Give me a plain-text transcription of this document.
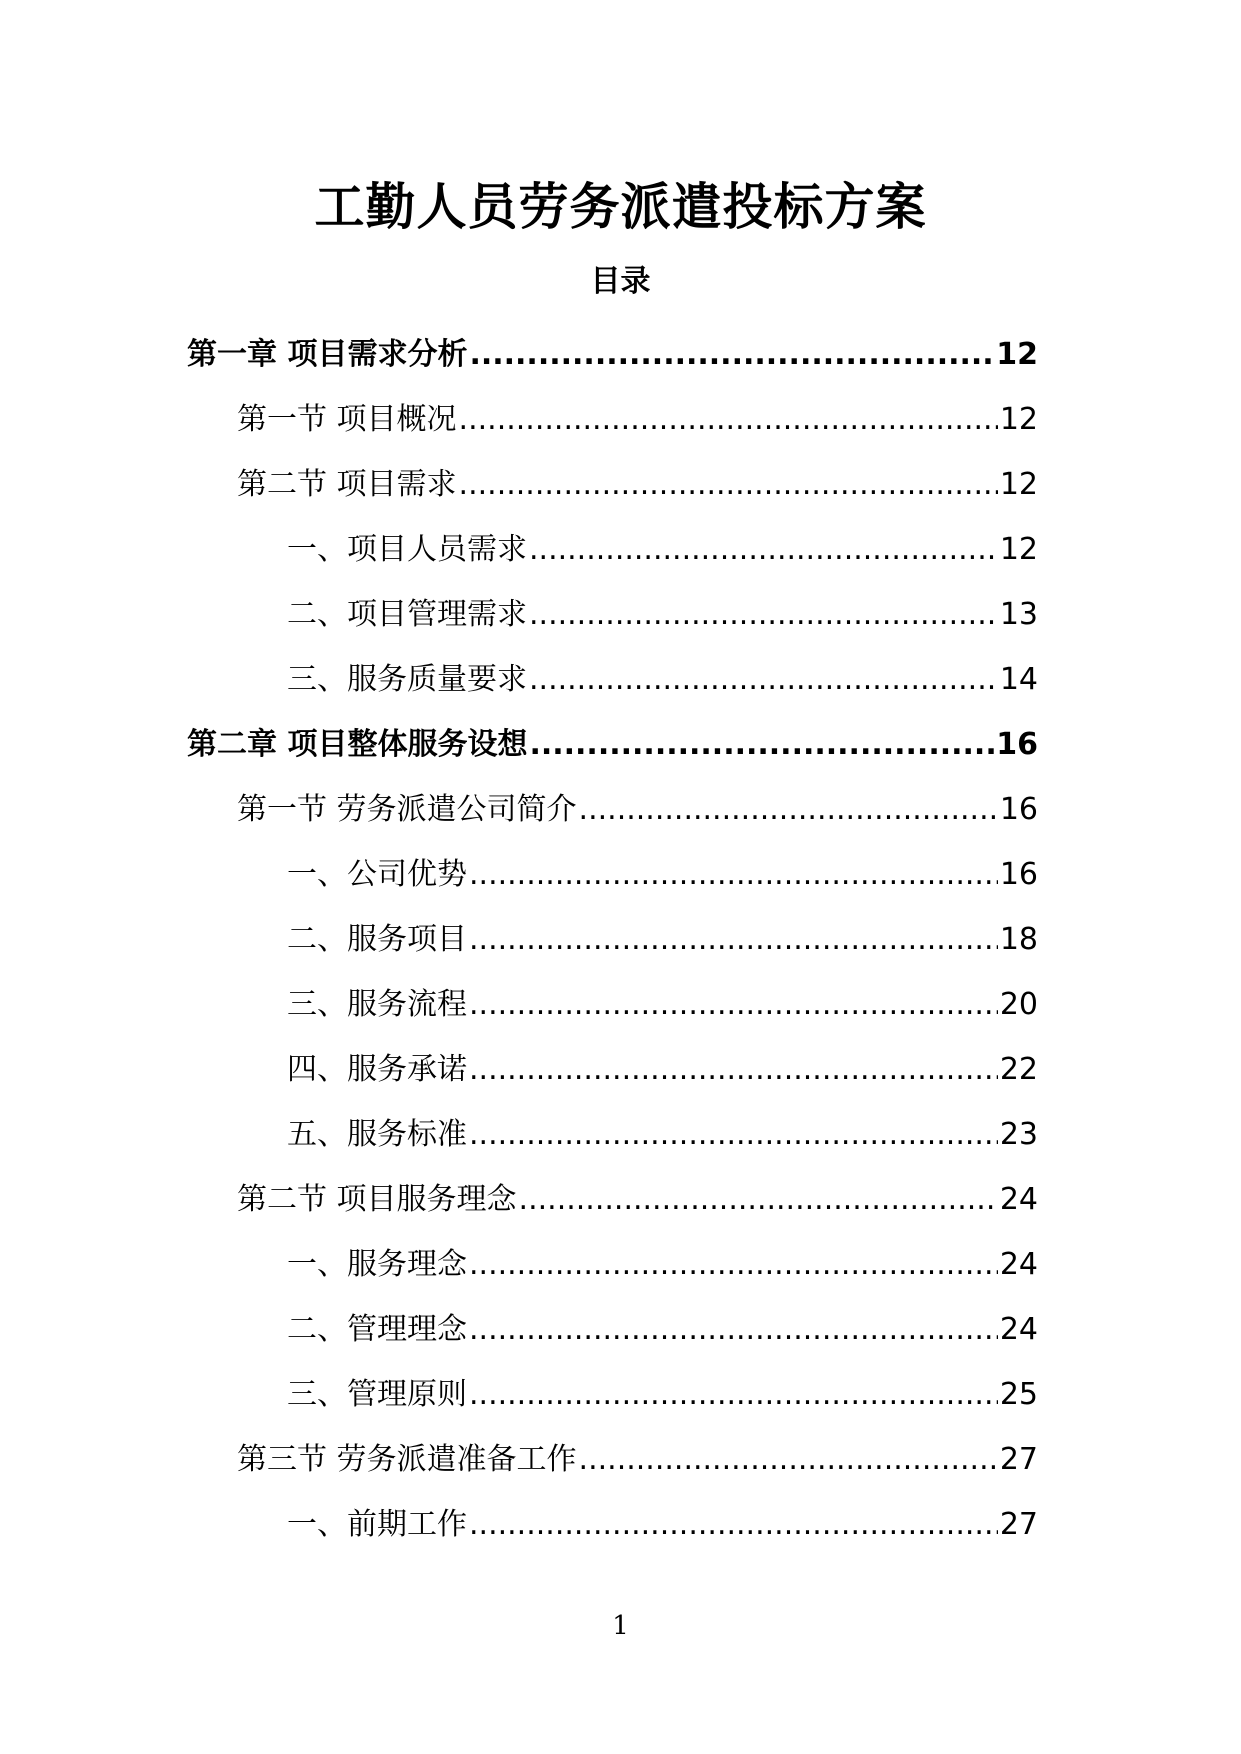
工勤人员劳务派遣投标方案
目录
第一章 项目需求分析 .....	12
第一节 项目概况 .....	12
第二节 项目需求 .....	12
一、项目人员需求 .....	12
二、项目管理需求 .....	13
三、服务质量要求 .....	14
第二章 项目整体服务设想 .....	16
第一节 劳务派遣公司简介 .....	16
一、公司优势 .....	16
二、服务项目 .....	18
三、服务流程 .....	20
四、服务承诺 .....	22
五、服务标准 .....	23
第二节 项目服务理念 .....	24
一、服务理念 .....	24
二、管理理念 .....	24
三、管理原则 .....	25
第三节 劳务派遣准备工作 .....	27
一、前期工作 .....	27
1
